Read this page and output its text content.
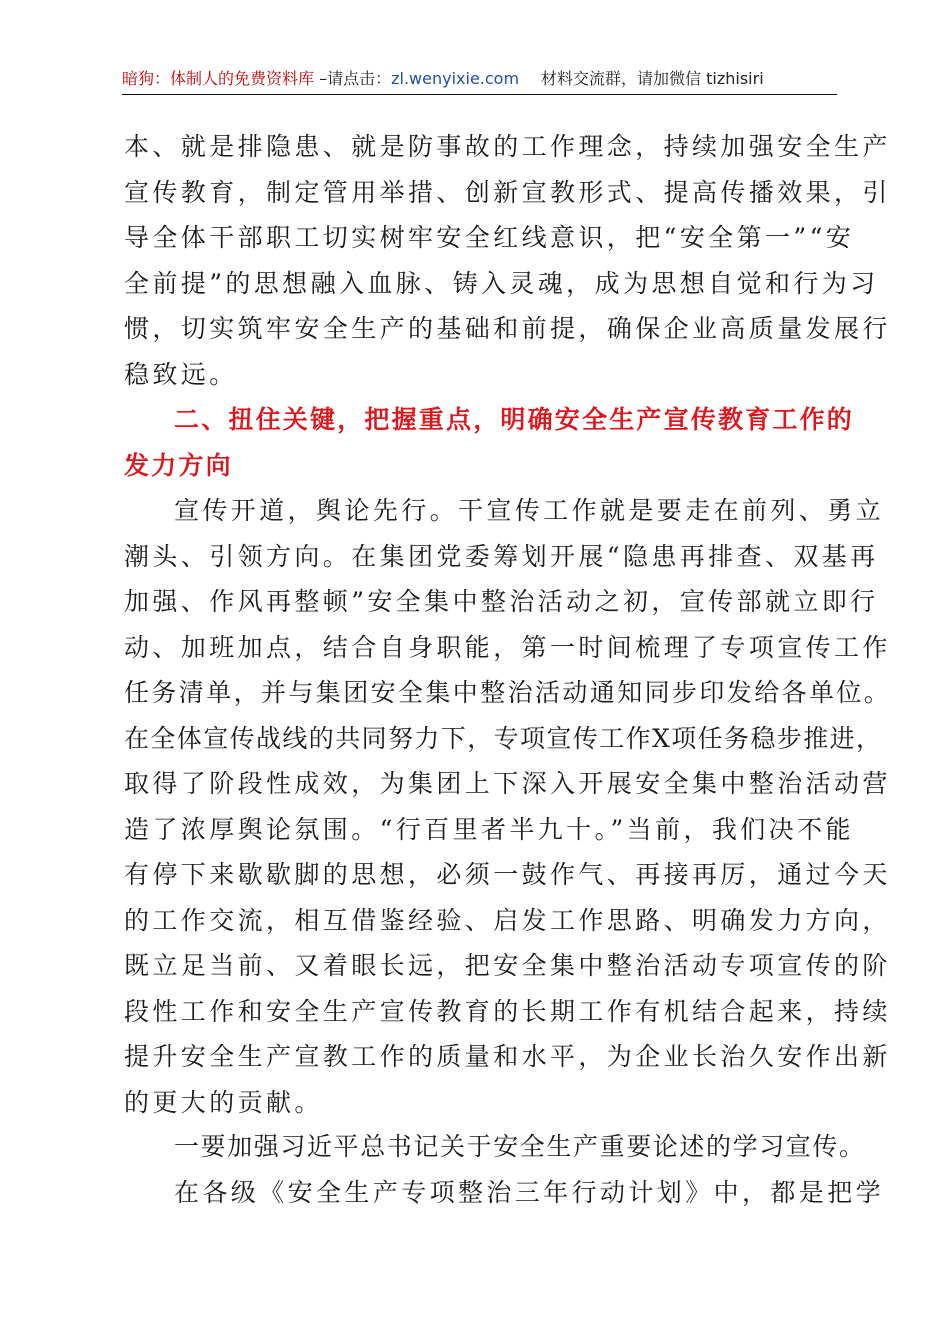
暗狗：体制人的免费资料库 –请点击：zl.wenyixie.com 材料交流群，请加微信 tizhisiri
本、就是排隐患、就是防事故的工作理念，持续加强安全生产
宣传教育，制定管用举措、创新宣教形式、提高传播效果，引
导全体干部职工切实树牢安全红线意识，把“安全第一”“安
全前提”的思想融入血脉、铸入灵魂，成为思想自觉和行为习
惯，切实筑牢安全生产的基础和前提，确保企业高质量发展行
稳致远。
二、扭住关键，把握重点，明确安全生产宣传教育工作的
发力方向
宣传开道，舆论先行。干宣传工作就是要走在前列、勇立
潮头、引领方向。在集团党委筹划开展“隐患再排查、双基再
加强、作风再整顿”安全集中整治活动之初，宣传部就立即行
动、加班加点，结合自身职能，第一时间梳理了专项宣传工作
任务清单，并与集团安全集中整治活动通知同步印发给各单位。
在全体宣传战线的共同努力下，专项宣传工作X项任务稳步推进，
取得了阶段性成效，为集团上下深入开展安全集中整治活动营
造了浓厚舆论氛围。“行百里者半九十。”当前，我们决不能
有停下来歇歇脚的思想，必须一鼓作气、再接再厉，通过今天
的工作交流，相互借鉴经验、启发工作思路、明确发力方向，
既立足当前、又着眼长远，把安全集中整治活动专项宣传的阶
段性工作和安全生产宣传教育的长期工作有机结合起来，持续
提升安全生产宣教工作的质量和水平，为企业长治久安作出新
的更大的贡献。
一要加强习近平总书记关于安全生产重要论述的学习宣传。
在各级《安全生产专项整治三年行动计划》中，都是把学
